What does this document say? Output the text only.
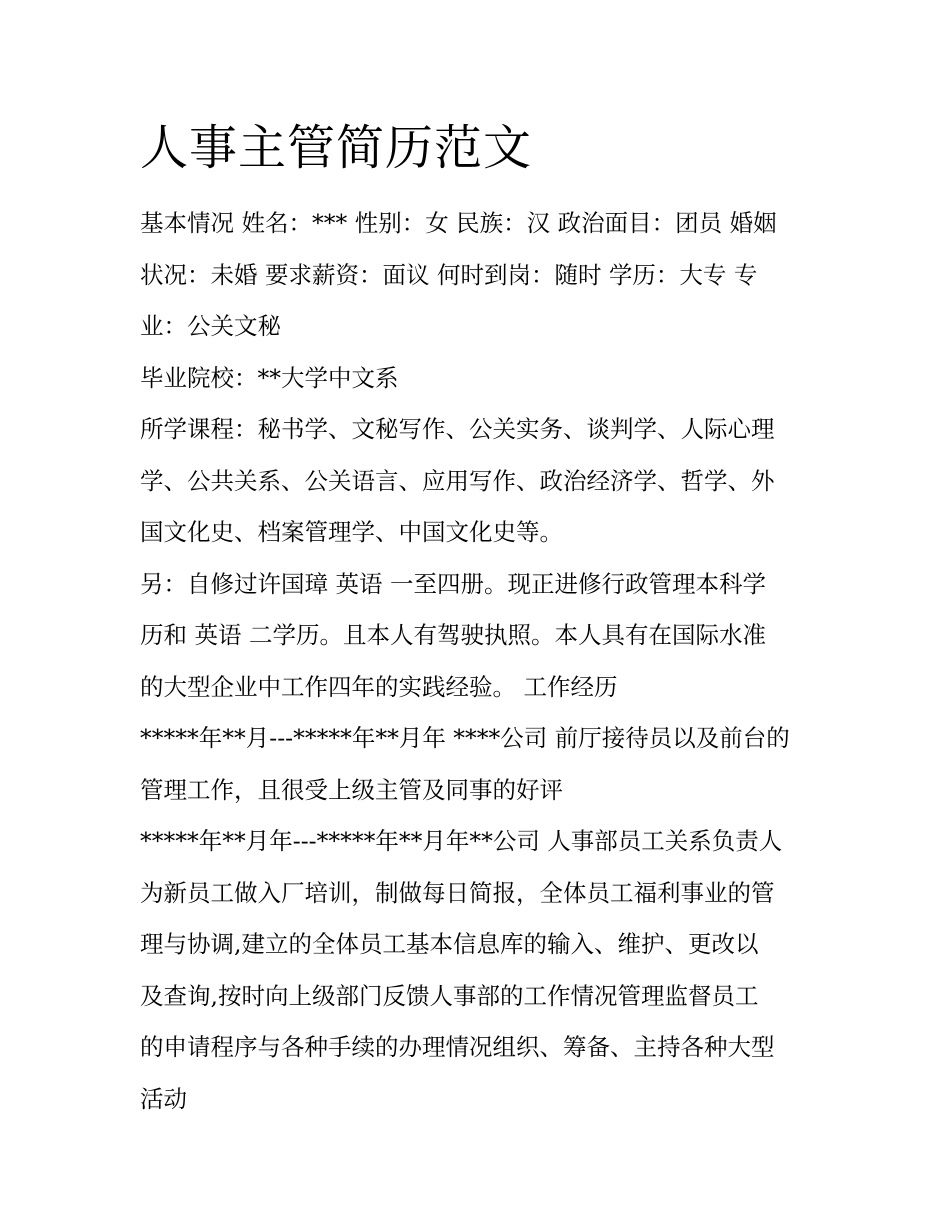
人事主管简历范文
基本情况 姓名：*** 性别：女 民族：汉 政治面目：团员 婚姻
状况：未婚 要求薪资：面议 何时到岗：随时 学历：大专 专
业：公关文秘
毕业院校：**大学中文系
所学课程：秘书学、文秘写作、公关实务、谈判学、人际心理
学、公共关系、公关语言、应用写作、政治经济学、哲学、外
国文化史、档案管理学、中国文化史等。
另：自修过许国璋 英语 一至四册。现正进修行政管理本科学
历和 英语 二学历。且本人有驾驶执照。本人具有在国际水准
的大型企业中工作四年的实践经验。 工作经历
*****年**月---*****年**月年 ****公司 前厅接待员以及前台的
管理工作，且很受上级主管及同事的好评
*****年**月年---*****年**月年**公司 人事部员工关系负责人
为新员工做入厂培训，制做每日简报，全体员工福利事业的管
理与协调,建立的全体员工基本信息库的输入、维护、更改以
及查询,按时向上级部门反馈人事部的工作情况管理监督员工
的申请程序与各种手续的办理情况组织、筹备、主持各种大型
活动
